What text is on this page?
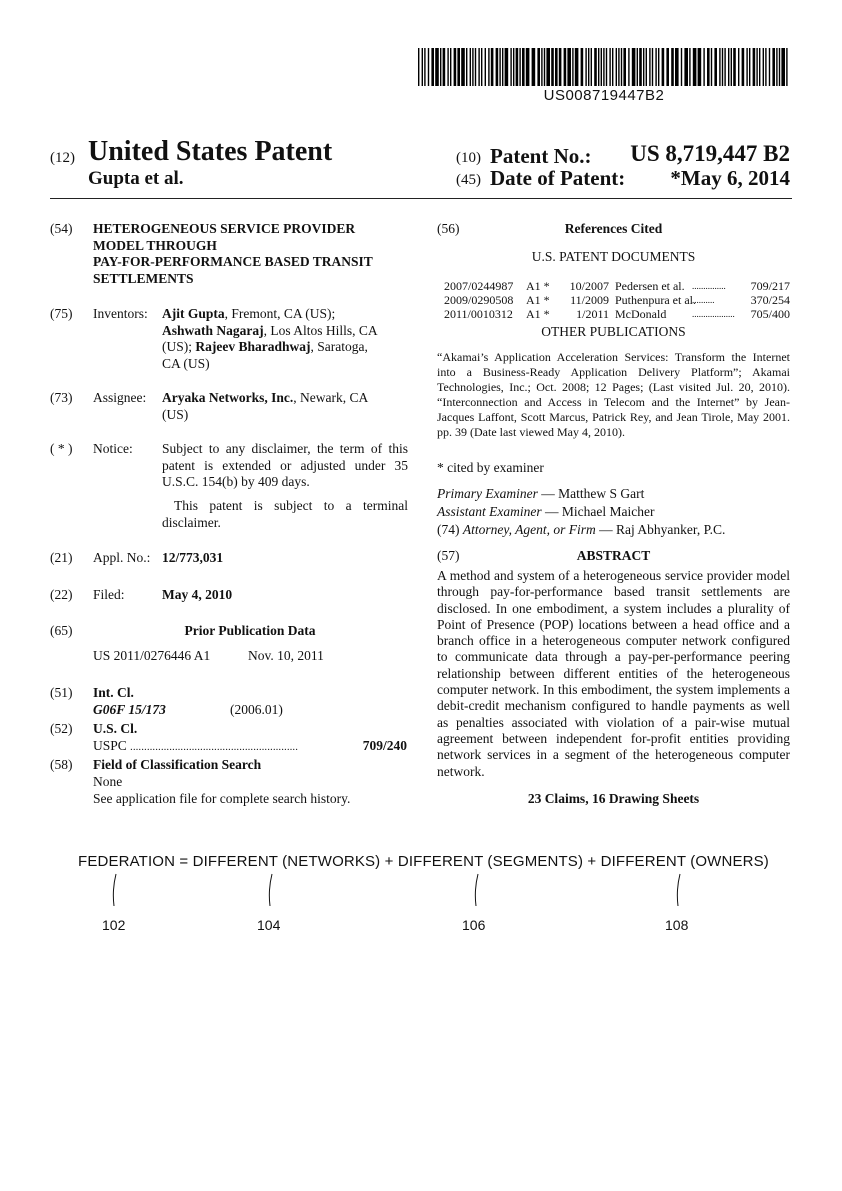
US008719447B2
(12) United States Patent
Gupta et al.
(10) Patent No.:	US 8,719,447 B2
(45) Date of Patent:	*May 6, 2014
(54) HETEROGENEOUS SERVICE PROVIDER
MODEL THROUGH
PAY-FOR-PERFORMANCE BASED TRANSIT
SETTLEMENTS
(75) Inventors: Ajit Gupta, Fremont, CA (US);
Ashwath Nagaraj, Los Altos Hills, CA
(US); Rajeev Bharadhwaj, Saratoga,
CA (US)
(73) Assignee: Aryaka Networks, Inc., Newark, CA
(US)
( * ) Notice: Subject to any disclaimer, the term of this patent is extended or adjusted under 35 U.S.C. 154(b) by 409 days.
This patent is subject to a terminal disclaimer.
(21) Appl. No.: 12/773,031
(22) Filed:	May 4, 2010
(65)	Prior Publication Data
US 2011/0276446 A1	Nov. 10, 2011
(51) Int. Cl.
G06F 15/173	(2006.01)
(52) U.S. Cl.
USPC ............................................................	709/240
(58) Field of Classification Search
None
See application file for complete search history.
(56)	References Cited
U.S. PATENT DOCUMENTS
2007/0244987	A1 *	10/2007 Pedersen et al.	709/217
...............
2009/0290508	A1 *	11/2009 Puthenpura et al.	370/254
..........
2011/0010312	A1 *	1/2011 McDonald	705/400
...................
OTHER PUBLICATIONS
“Akamai’s Application Acceleration Services: Transform the Internet into a Business-Ready Application Delivery Platform”; Akamai Technologies, Inc.; Oct. 2008; 12 Pages; (Last visited Jul. 20, 2010). “Interconnection and Access in Telecom and the Internet” by Jean-Jacques Laffont, Scott Marcus, Patrick Rey, and Jean Tirole, May 2001. pp. 39 (Date last viewed May 4, 2010).
* cited by examiner
Primary Examiner — Matthew S Gart
Assistant Examiner — Michael Maicher
(74) Attorney, Agent, or Firm — Raj Abhyanker, P.C.
(57)	ABSTRACT
A method and system of a heterogeneous service provider model through pay-for-performance based transit settlements are disclosed. In one embodiment, a system includes a plurality of Point of Presence (POP) locations between a head office and a branch office in a heterogeneous computer network configured to communicate data through a pay-per-performance peering relationship between different entities of the heterogeneous computer network. In this embodiment, the system implements a debit-credit mechanism configured to handle payments as well as penalties associated with violation of a pair-wise mutual agreement between independent for-profit entities providing network services in a segment of the heterogeneous computer network.
23 Claims, 16 Drawing Sheets
FEDERATION = DIFFERENT (NETWORKS) + DIFFERENT (SEGMENTS) + DIFFERENT (OWNERS)
102	104	106	108
